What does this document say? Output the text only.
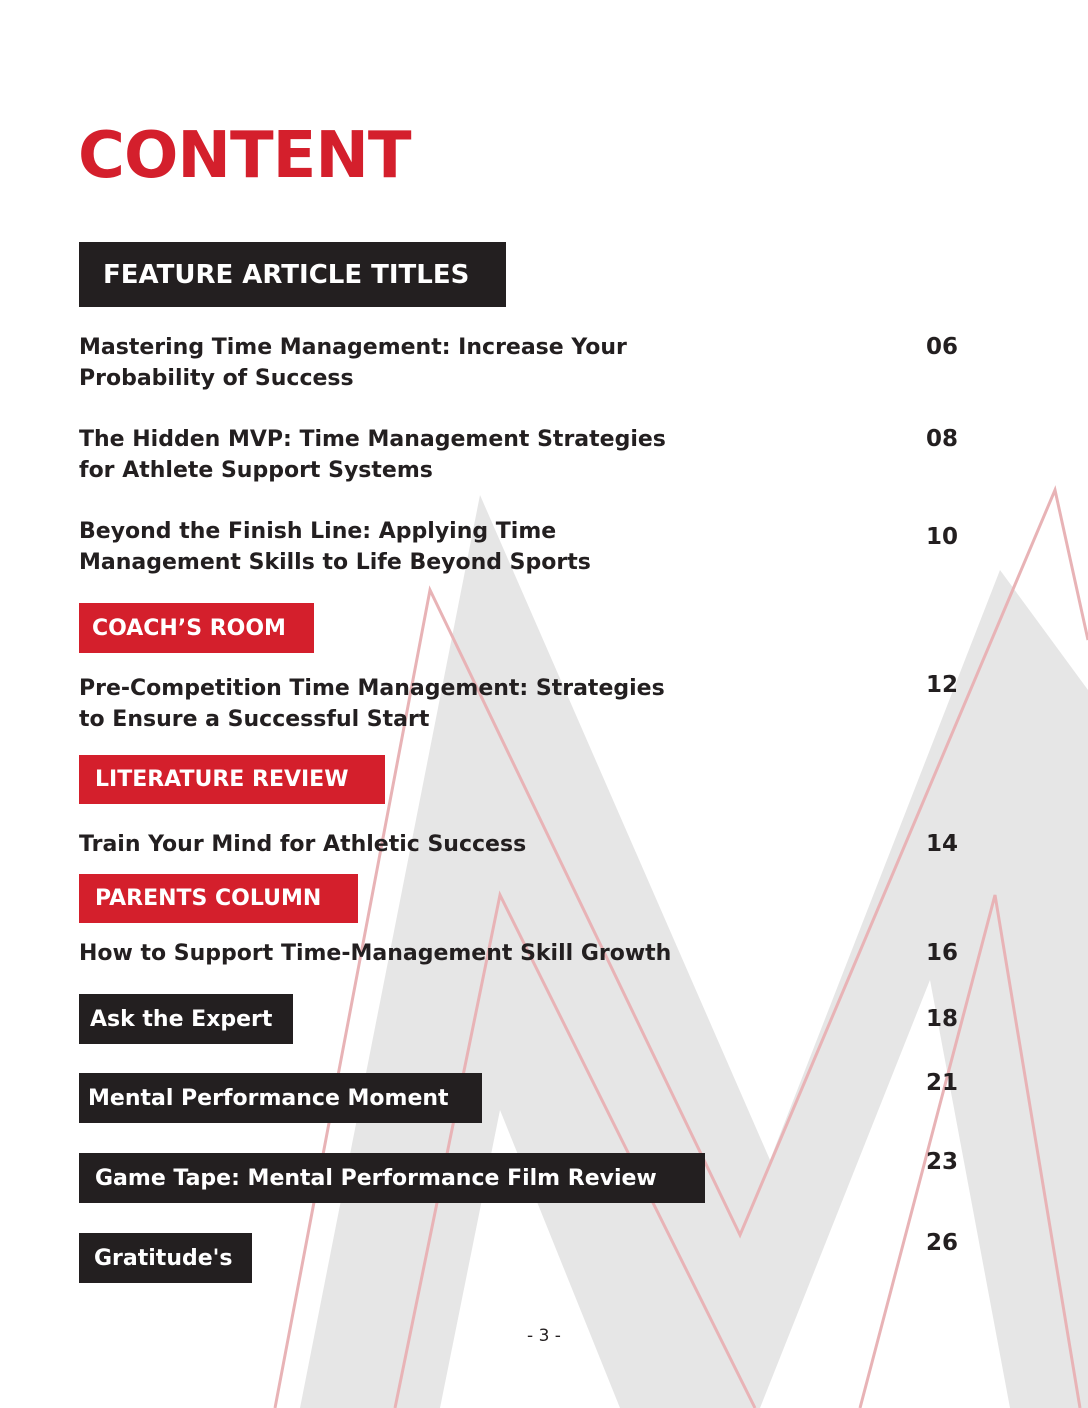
CONTENT
FEATURE ARTICLE TITLES
Mastering Time Management: Increase Your
Probability of Success
06
The Hidden MVP: Time Management Strategies
for Athlete Support Systems
08
Beyond the Finish Line: Applying Time
Management Skills to Life Beyond Sports
10
COACH’S ROOM
Pre-Competition Time Management: Strategies
to Ensure a Successful Start
12
LITERATURE REVIEW
Train Your Mind for Athletic Success	14
PARENTS COLUMN
How to Support Time-Management Skill Growth	16
Ask the Expert	18
Mental Performance Moment
21
Game Tape: Mental Performance Film Review
23
Gratitude's
26
- 3 -
